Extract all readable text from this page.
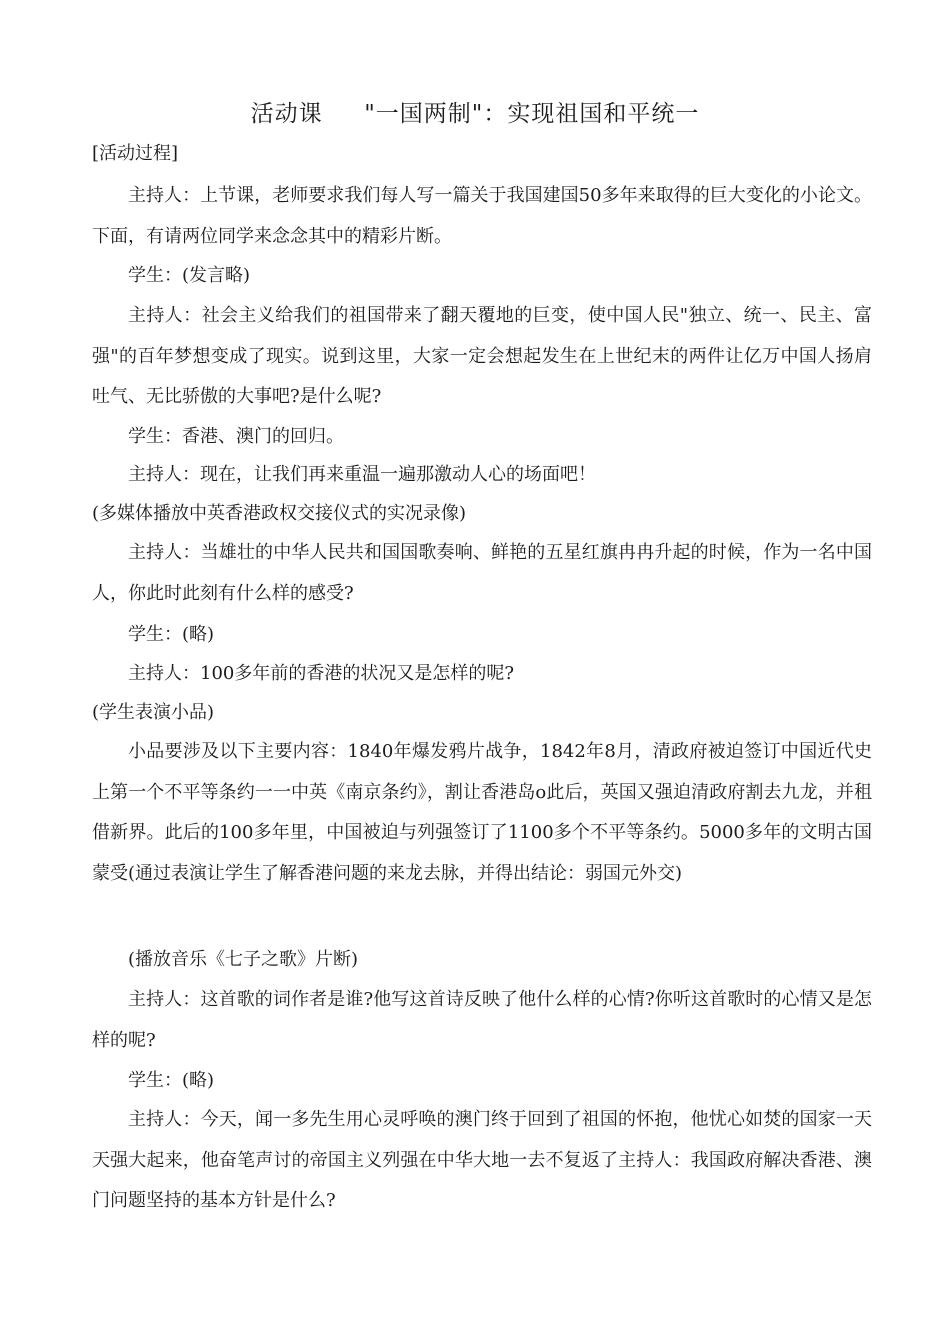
活动课     "一国两制"：实现祖国和平统一
[活动过程]

主持人：上节课，老师要求我们每人写一篇关于我国建国50多年来取得的巨大变化的小论文。下面，有请两位同学来念念其中的精彩片断。

学生：(发言略)

主持人：社会主义给我们的祖国带来了翻天覆地的巨变，使中国人民"独立、统一、民主、富强"的百年梦想变成了现实。说到这里，大家一定会想起发生在上世纪末的两件让亿万中国人扬肩吐气、无比骄傲的大事吧?是什么呢?

学生：香港、澳门的回归。

主持人：现在，让我们再来重温一遍那激动人心的场面吧！

(多媒体播放中英香港政权交接仪式的实况录像)

主持人：当雄壮的中华人民共和国国歌奏响、鲜艳的五星红旗冉冉升起的时候，作为一名中国人，你此时此刻有什么样的感受?

学生：(略)

主持人：100多年前的香港的状况又是怎样的呢?

(学生表演小品)

小品要涉及以下主要内容：1840年爆发鸦片战争，1842年8月，清政府被迫签订中国近代史上第一个不平等条约一一中英《南京条约》，割让香港岛o此后，英国又强迫清政府割去九龙，并租借新界。此后的100多年里，中国被迫与列强签订了1100多个不平等条约。5000多年的文明古国蒙受(通过表演让学生了解香港问题的来龙去脉，并得出结论：弱国元外交)

(播放音乐《七子之歌》片断)

主持人：这首歌的词作者是谁?他写这首诗反映了他什么样的心情?你听这首歌时的心情又是怎样的呢?

学生：(略)

主持人：今天，闻一多先生用心灵呼唤的澳门终于回到了祖国的怀抱，他忧心如焚的国家一天天强大起来，他奋笔声讨的帝国主义列强在中华大地一去不复返了主持人：我国政府解决香港、澳门问题坚持的基本方针是什么?
